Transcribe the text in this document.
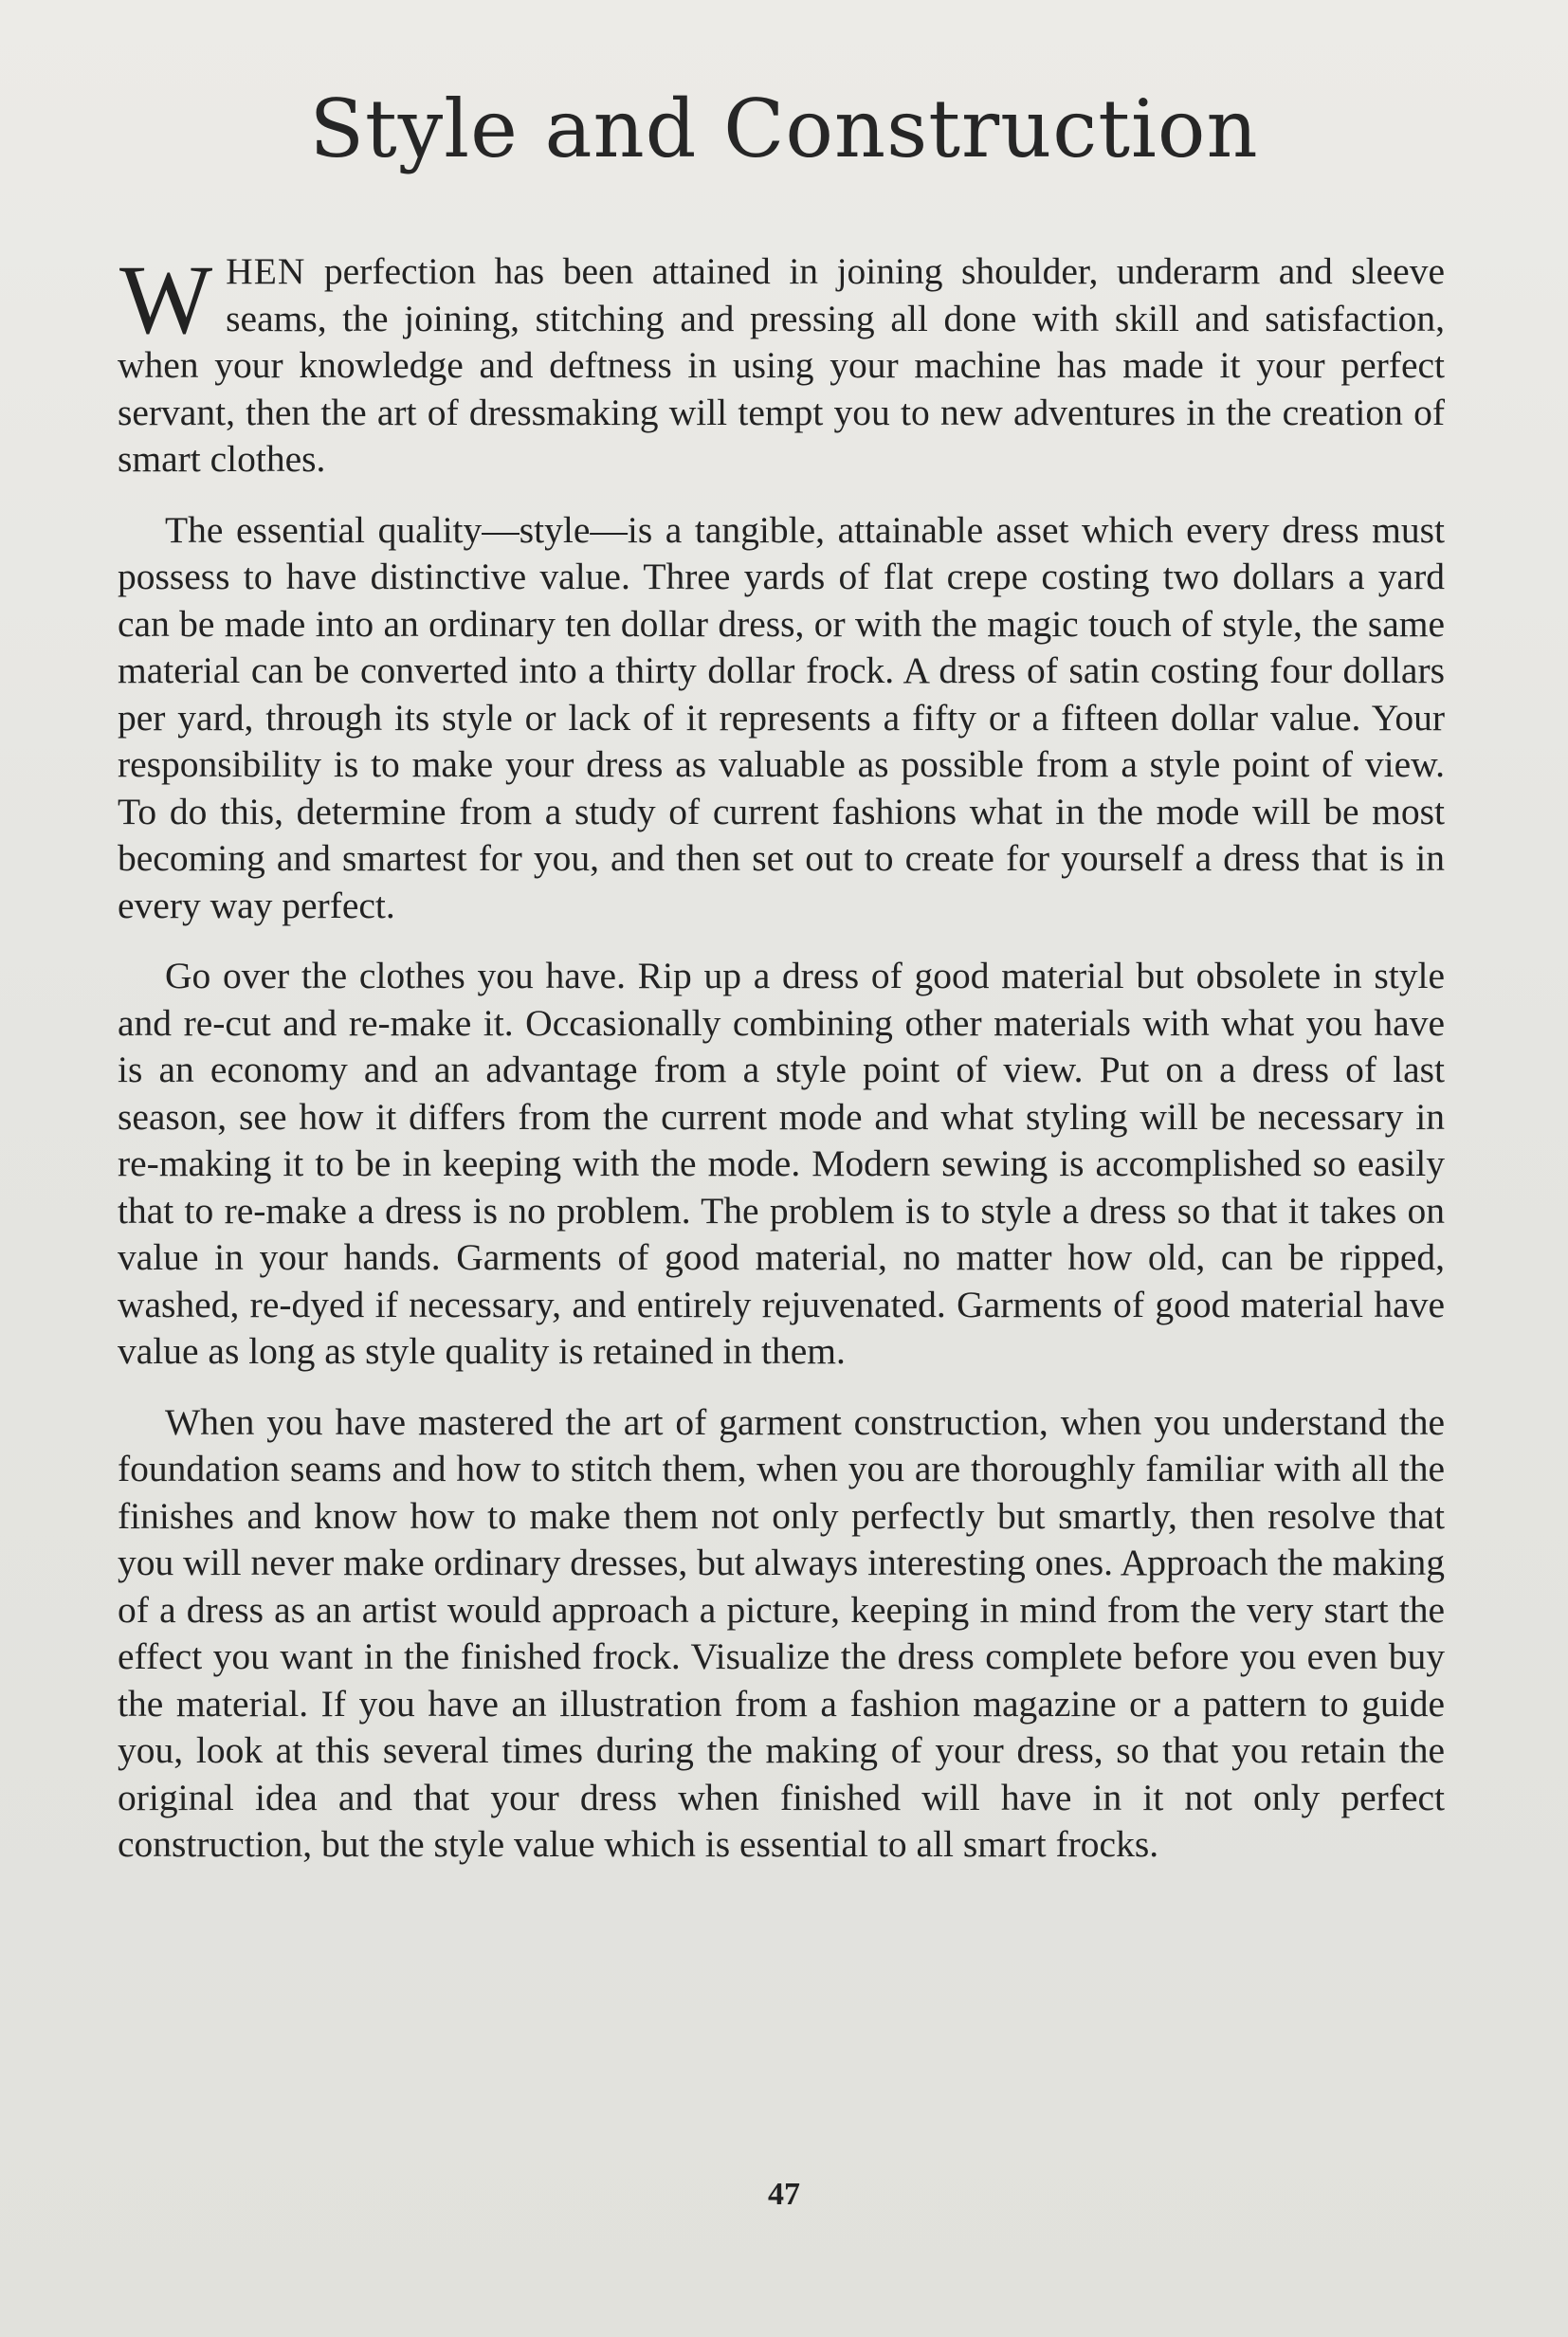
Style and Construction

WHEN perfection has been attained in joining shoulder, underarm and sleeve seams, the joining, stitching and pressing all done with skill and satisfaction, when your knowledge and deftness in using your machine has made it your perfect servant, then the art of dressmaking will tempt you to new adventures in the creation of smart clothes.

The essential quality—style—is a tangible, attainable asset which every dress must possess to have distinctive value. Three yards of flat crepe costing two dollars a yard can be made into an ordinary ten dollar dress, or with the magic touch of style, the same material can be converted into a thirty dollar frock. A dress of satin costing four dollars per yard, through its style or lack of it represents a fifty or a fifteen dollar value. Your responsibility is to make your dress as valuable as possible from a style point of view. To do this, determine from a study of current fashions what in the mode will be most becoming and smartest for you, and then set out to create for yourself a dress that is in every way perfect.

Go over the clothes you have. Rip up a dress of good material but obsolete in style and re-cut and re-make it. Occasionally combining other materials with what you have is an economy and an advantage from a style point of view. Put on a dress of last season, see how it differs from the current mode and what styling will be necessary in re-making it to be in keeping with the mode. Modern sewing is accomplished so easily that to re-make a dress is no problem. The problem is to style a dress so that it takes on value in your hands. Garments of good material, no matter how old, can be ripped, washed, re-dyed if necessary, and entirely rejuvenated. Garments of good material have value as long as style quality is retained in them.

When you have mastered the art of garment construction, when you understand the foundation seams and how to stitch them, when you are thoroughly familiar with all the finishes and know how to make them not only perfectly but smartly, then resolve that you will never make ordinary dresses, but always interesting ones. Approach the making of a dress as an artist would approach a picture, keeping in mind from the very start the effect you want in the finished frock. Visualize the dress complete before you even buy the material. If you have an illustration from a fashion magazine or a pattern to guide you, look at this several times during the making of your dress, so that you retain the original idea and that your dress when finished will have in it not only perfect construction, but the style value which is essential to all smart frocks.

47
